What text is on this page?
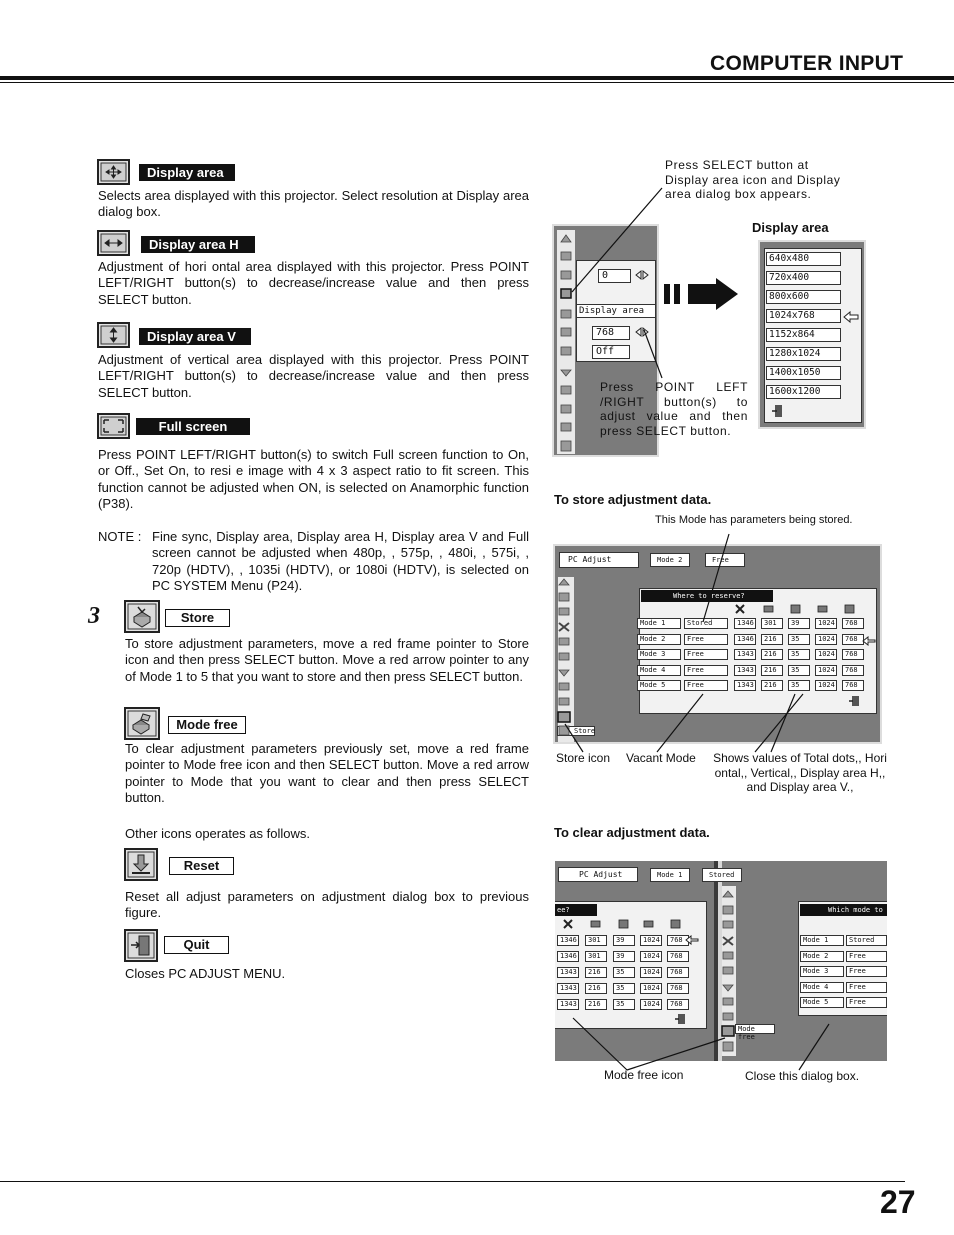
COMPUTER INPUT
Display area
Selects area displayed with this projector. Select resolution at Display area dialog box.
Display area H
Adjustment of hori ontal area displayed with this projector. Press POINT LEFT/RIGHT button(s) to decrease/increase value and then press SELECT button.
Display area V
Adjustment of vertical area displayed with this projector. Press POINT LEFT/RIGHT button(s) to decrease/increase value and then press SELECT button.
Full screen
Press POINT LEFT/RIGHT button(s) to switch Full screen function to On, or Off., Set On, to resi e image with 4 x 3 aspect ratio to fit screen. This function cannot be adjusted when ON, is selected on Anamorphic function (P38).
NOTE : Fine sync, Display area, Display area H, Display area V and Full screen cannot be adjusted when 480p, , 575p, , 480i, , 575i, , 720p (HDTV), , 1035i (HDTV), or 1080i (HDTV), is selected on PC SYSTEM Menu (P24).
3	Store
To store adjustment parameters, move a red frame pointer to Store icon and then press SELECT button. Move a red arrow pointer to any of Mode 1 to 5 that you want to store and then press SELECT button.
Mode free
To clear adjustment parameters previously set, move a red frame pointer to Mode free icon and then SELECT button. Move a red arrow pointer to Mode that you want to clear and then press SELECT button.
Other icons operates as follows.
Reset
Reset all adjust parameters on adjustment dialog box to previous figure.
Quit
Closes PC ADJUST MENU.
Press SELECT button at Display area icon and Display area dialog box appears.
Display area
0
Display area
768
Off
640x480
720x400
800x600
1024x768
1152x864
1280x1024
1400x1050
1600x1200
Press POINT LEFT /RIGHT button(s) to adjust value and then press SELECT button.
To store adjustment data.
This Mode has parameters being stored.
PC Adjust	Mode 2	Free
Where to reserve?
Store
Mode 1	Stored	1346	301	39	1024	768
Mode 2	Free	1346	216	35	1024	768
Mode 3	Free	1343	216	35	1024	768
Mode 4	Free	1343	216	35	1024	768
Mode 5	Free	1343	216	35	1024	768
Store icon Vacant Mode Shows values of Total dots,, Hori ontal,, Vertical,, Display area H,, and Display area V.,
To clear adjustment data.
PC Adjust	Mode 1	Stored
ee?
Mode free
Which mode to
1346	301	39	1024	768
1346	301	39	1024	768
1343	216	35	1024	768
1343	216	35	1024	768
1343	216	35	1024	768
Mode 1	Stored
Mode 2	Free
Mode 3	Free
Mode 4	Free
Mode 5	Free
Mode free icon	Close this dialog box.
27
